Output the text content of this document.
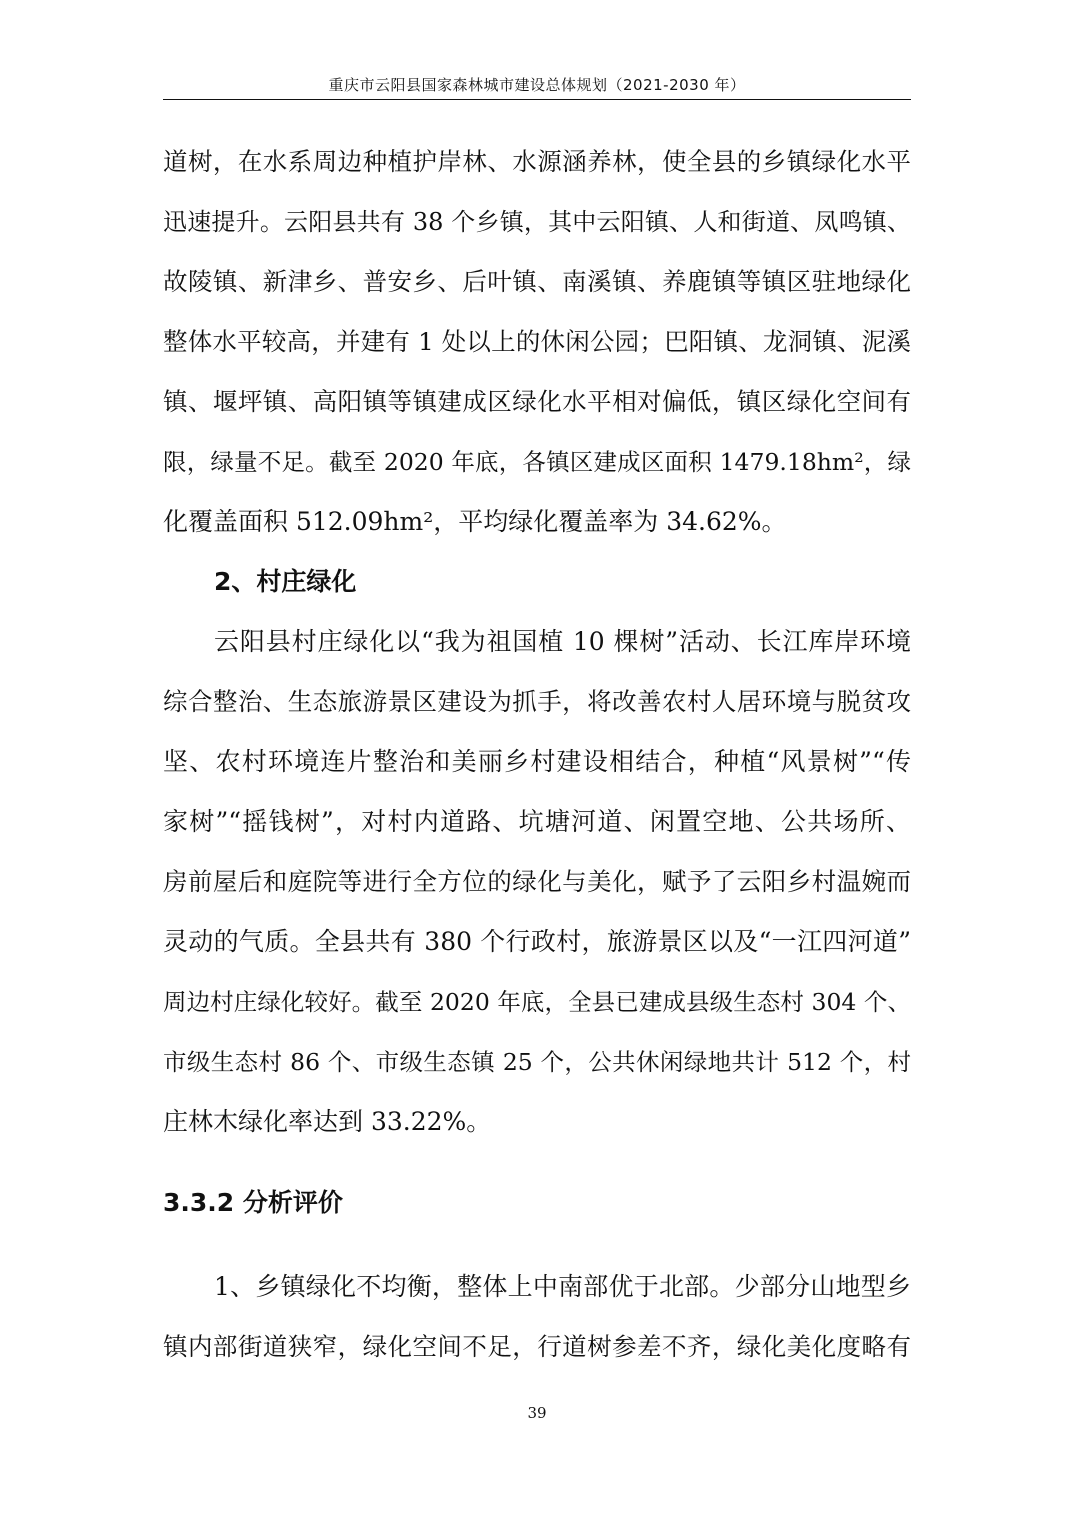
重庆市云阳县国家森林城市建设总体规划（2021-2030 年）
道树，在水系周边种植护岸林、水源涵养林，使全县的乡镇绿化水平
迅速提升。云阳县共有 38 个乡镇，其中云阳镇、人和街道、凤鸣镇、
故陵镇、新津乡、普安乡、后叶镇、南溪镇、养鹿镇等镇区驻地绿化
整体水平较高，并建有 1 处以上的休闲公园；巴阳镇、龙洞镇、泥溪
镇、堰坪镇、高阳镇等镇建成区绿化水平相对偏低，镇区绿化空间有
限，绿量不足。截至 2020 年底，各镇区建成区面积 1479.18hm²，绿
化覆盖面积 512.09hm²，平均绿化覆盖率为 34.62%。
2、村庄绿化
云阳县村庄绿化以“我为祖国植 10 棵树”活动、长江库岸环境
综合整治、生态旅游景区建设为抓手，将改善农村人居环境与脱贫攻
坚、农村环境连片整治和美丽乡村建设相结合，种植“风景树”“传
家树”“摇钱树”，对村内道路、坑塘河道、闲置空地、公共场所、
房前屋后和庭院等进行全方位的绿化与美化，赋予了云阳乡村温婉而
灵动的气质。全县共有 380 个行政村，旅游景区以及“一江四河道”
周边村庄绿化较好。截至 2020 年底，全县已建成县级生态村 304 个、
市级生态村 86 个、市级生态镇 25 个，公共休闲绿地共计 512 个，村
庄林木绿化率达到 33.22%。
3.3.2 分析评价
1、乡镇绿化不均衡，整体上中南部优于北部。少部分山地型乡
镇内部街道狭窄，绿化空间不足，行道树参差不齐，绿化美化度略有
39
